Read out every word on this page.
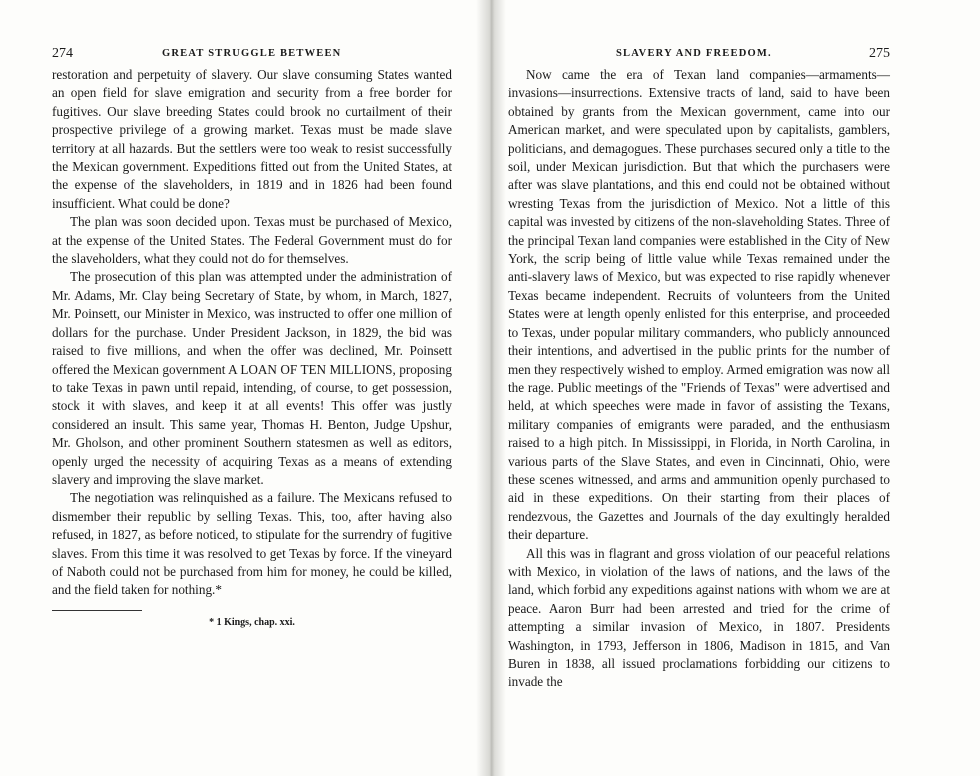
274	GREAT STRUGGLE BETWEEN

restoration and perpetuity of slavery. Our slave consuming States wanted an open field for slave emigration and security from a free border for fugitives. Our slave breeding States could brook no curtailment of their prospective privilege of a growing market. Texas must be made slave territory at all hazards. But the settlers were too weak to resist successfully the Mexican government. Expeditions fitted out from the United States, at the expense of the slaveholders, in 1819 and in 1826 had been found insufficient. What could be done?

The plan was soon decided upon. Texas must be purchased of Mexico, at the expense of the United States. The Federal Government must do for the slaveholders, what they could not do for themselves.

The prosecution of this plan was attempted under the administration of Mr. Adams, Mr. Clay being Secretary of State, by whom, in March, 1827, Mr. Poinsett, our Minister in Mexico, was instructed to offer one million of dollars for the purchase. Under President Jackson, in 1829, the bid was raised to five millions, and when the offer was declined, Mr. Poinsett offered the Mexican government A LOAN OF TEN MILLIONS, proposing to take Texas in pawn until repaid, intending, of course, to get possession, stock it with slaves, and keep it at all events! This offer was justly considered an insult. This same year, Thomas H. Benton, Judge Upshur, Mr. Gholson, and other prominent Southern statesmen as well as editors, openly urged the necessity of acquiring Texas as a means of extending slavery and improving the slave market.

The negotiation was relinquished as a failure. The Mexicans refused to dismember their republic by selling Texas. This, too, after having also refused, in 1827, as before noticed, to stipulate for the surrendry of fugitive slaves. From this time it was resolved to get Texas by force. If the vineyard of Naboth could not be purchased from him for money, he could be killed, and the field taken for nothing.*

* 1 Kings, chap. xxi.
SLAVERY AND FREEDOM.	275

Now came the era of Texan land companies—armaments—invasions—insurrections. Extensive tracts of land, said to have been obtained by grants from the Mexican government, came into our American market, and were speculated upon by capitalists, gamblers, politicians, and demagogues. These purchases secured only a title to the soil, under Mexican jurisdiction. But that which the purchasers were after was slave plantations, and this end could not be obtained without wresting Texas from the jurisdiction of Mexico. Not a little of this capital was invested by citizens of the non-slaveholding States. Three of the principal Texan land companies were established in the City of New York, the scrip being of little value while Texas remained under the anti-slavery laws of Mexico, but was expected to rise rapidly whenever Texas became independent. Recruits of volunteers from the United States were at length openly enlisted for this enterprise, and proceeded to Texas, under popular military commanders, who publicly announced their intentions, and advertised in the public prints for the number of men they respectively wished to employ. Armed emigration was now all the rage. Public meetings of the "Friends of Texas" were advertised and held, at which speeches were made in favor of assisting the Texans, military companies of emigrants were paraded, and the enthusiasm raised to a high pitch. In Mississippi, in Florida, in North Carolina, in various parts of the Slave States, and even in Cincinnati, Ohio, were these scenes witnessed, and arms and ammunition openly purchased to aid in these expeditions. On their starting from their places of rendezvous, the Gazettes and Journals of the day exultingly heralded their departure.

All this was in flagrant and gross violation of our peaceful relations with Mexico, in violation of the laws of nations, and the laws of the land, which forbid any expeditions against nations with whom we are at peace. Aaron Burr had been arrested and tried for the crime of attempting a similar invasion of Mexico, in 1807. Presidents Washington, in 1793, Jefferson in 1806, Madison in 1815, and Van Buren in 1838, all issued proclamations forbidding our citizens to invade the
